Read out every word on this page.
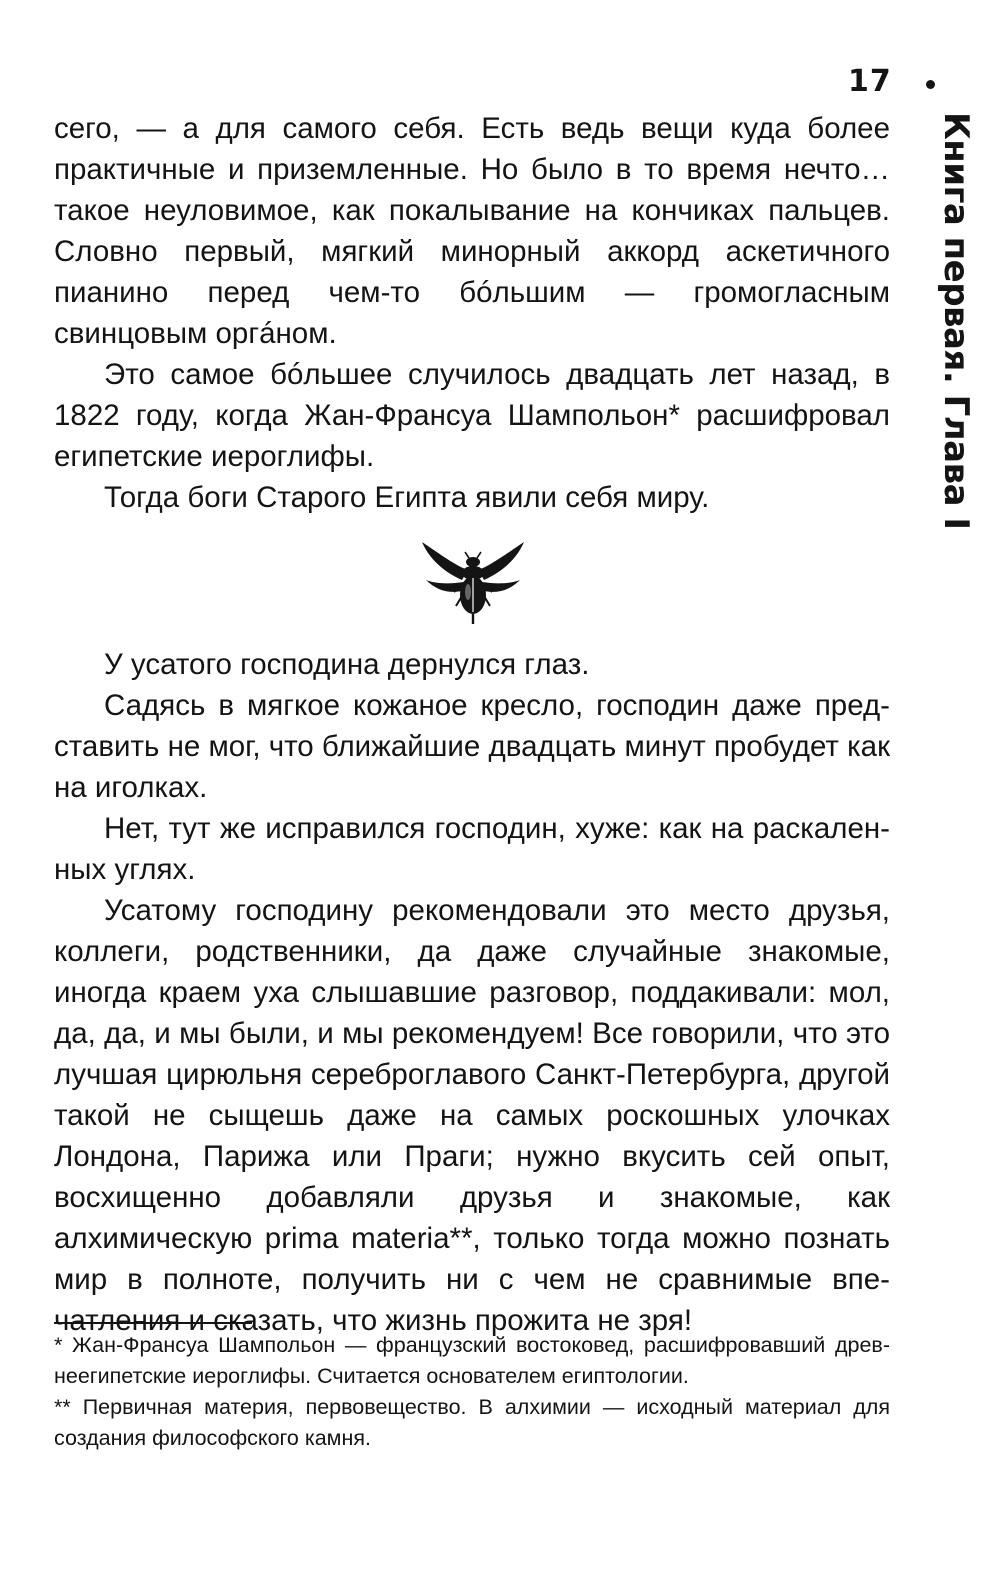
17
Книга первая. Глава I

сего, — а для самого себя. Есть ведь вещи куда более практичные и приземленные. Но было в то время нечто… такое неуловимое, как покалывание на кончиках пальцев. Словно первый, мягкий минорный аккорд аскетичного пианино перед чем-то бóльшим — громогласным свинцовым оргáном.

Это самое бóльшее случилось двадцать лет назад, в 1822 году, когда Жан-Франсуа Шампольон* расшифровал египетские иероглифы.

Тогда боги Старого Египта явили себя миру.

У усатого господина дернулся глаз.

Садясь в мягкое кожаное кресло, господин даже представить не мог, что ближайшие двадцать минут пробудет как на иголках.

Нет, тут же исправился господин, хуже: как на раскаленных углях.

Усатому господину рекомендовали это место друзья, коллеги, родственники, да даже случайные знакомые, иногда краем уха слышавшие разговор, поддакивали: мол, да, да, и мы были, и мы рекомендуем! Все говорили, что это лучшая цирюльня сереброглавого Санкт-Петербурга, другой такой не сыщешь даже на самых роскошных улочках Лондона, Парижа или Праги; нужно вкусить сей опыт, восхищенно добавляли друзья и знакомые, как алхимическую prima materia**, только тогда можно познать мир в полноте, получить ни с чем не сравнимые впечатления и сказать, что жизнь прожита не зря!

* Жан-Франсуа Шампольон — французский востоковед, расшифровавший древнеегипетские иероглифы. Считается основателем египтологии.

** Первичная материя, первовещество. В алхимии — исходный материал для создания философского камня.
